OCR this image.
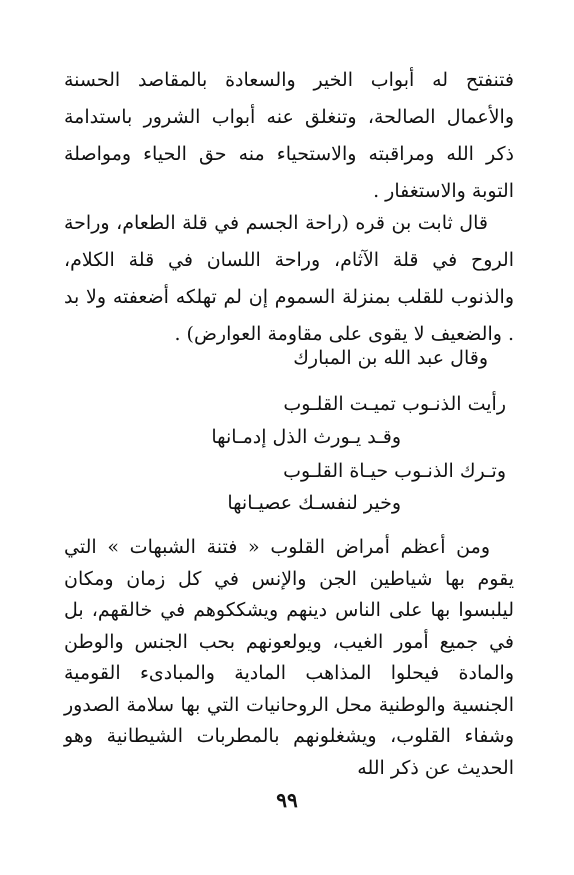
فتنفتح له أبواب الخير والسعادة بالمقاصد الحسنة والأعمال الصالحة، وتنغلق عنه أبواب الشرور باستدامة ذكر الله ومراقبته والاستحياء منه حق الحياء ومواصلة التوبة والاستغفار .

قال ثابت بن قره (راحة الجسم في قلة الطعام، وراحة الروح في قلة الآثام، وراحة اللسان في قلة الكلام، والذنوب للقلب بمنزلة السموم إن لم تهلكه أضعفته ولا بد . والضعيف لا يقوى على مقاومة العوارض) .

وقال عبد الله بن المبارك

رأيت الذنـوب تميـت القلـوب
وقـد يـورث الذل إدمـانها
وتـرك الذنـوب حيـاة القلـوب
وخير لنفسـك عصيـانها

ومن أعظم أمراض القلوب « فتنة الشبهات » التي يقوم بها شياطين الجن والإنس في كل زمان ومكان ليلبسوا بها على الناس دينهم ويشككوهم في خالقهم، بل في جميع أمور الغيب، ويولعونهم بحب الجنس والوطن والمادة فيحلوا المذاهب المادية والمبادىء القومية الجنسية والوطنية محل الروحانيات التي بها سلامة الصدور وشفاء القلوب، ويشغلونهم بالمطربات الشيطانية وهو الحديث عن ذكر الله

٩٩
